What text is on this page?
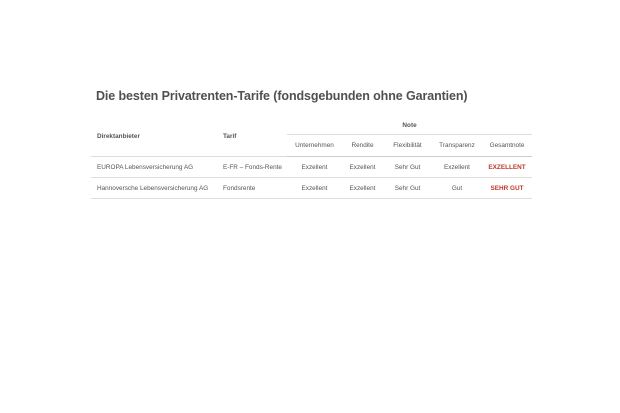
Die besten Privatrenten-Tarife (fondsgebunden ohne Garantien)
Direktanbieter	Tarif	Note				
		Unternehmen	Rendite	Flexibilität	Transparenz	Gesamtnote
EUROPA Lebensversicherung AG	E-FR – Fonds-Rente	Exzellent	Exzellent	Sehr Gut	Exzellent	EXZELLENT
Hannoversche Lebensversicherung AG	Fondsrente	Exzellent	Exzellent	Sehr Gut	Gut	SEHR GUT
